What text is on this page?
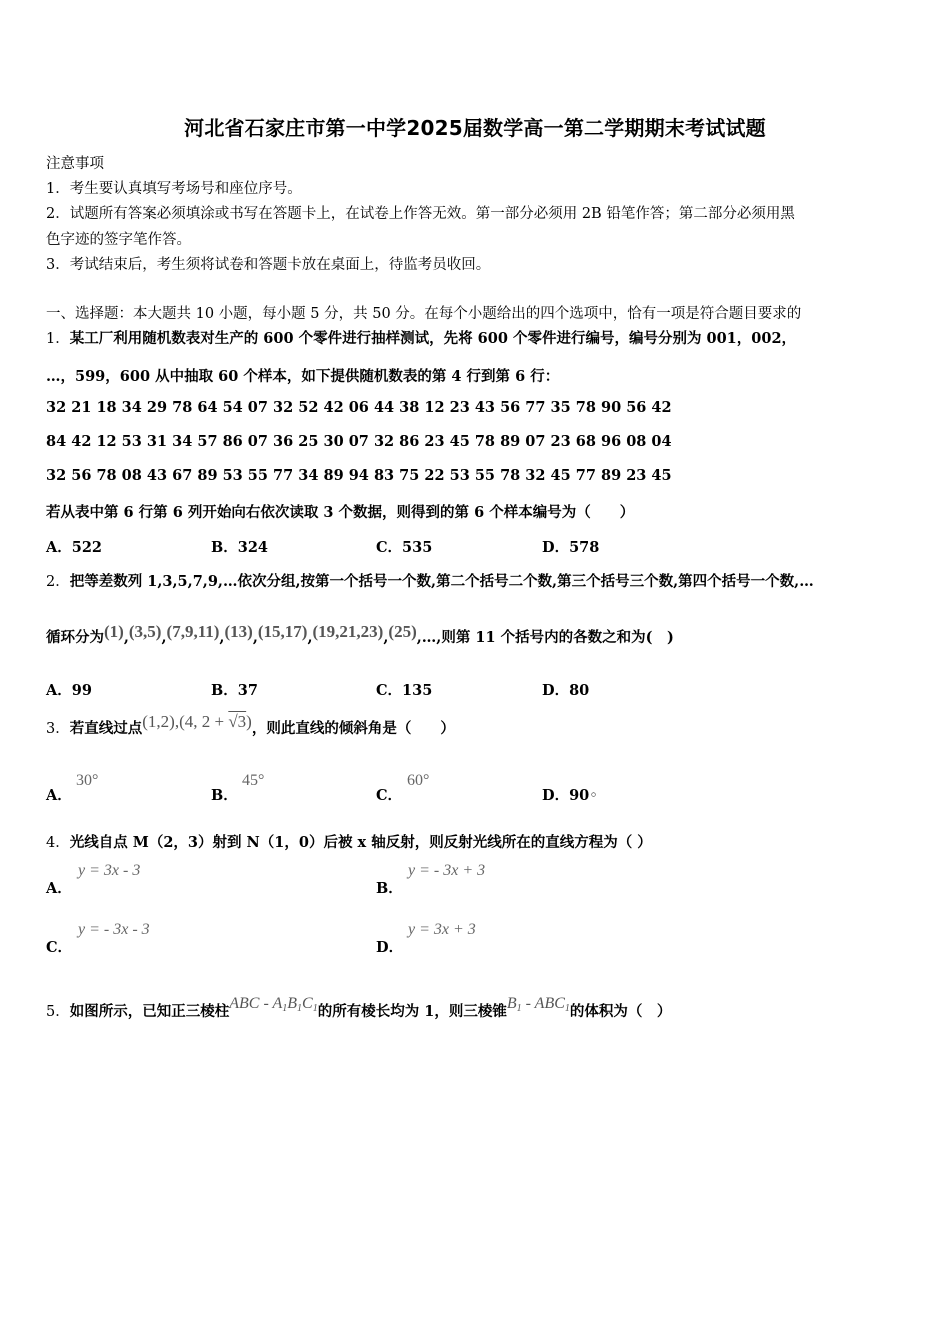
河北省石家庄市第一中学2025届数学高一第二学期期末考试试题
注意事项
1．考生要认真填写考场号和座位序号。
2．试题所有答案必须填涂或书写在答题卡上，在试卷上作答无效。第一部分必须用 2B 铅笔作答；第二部分必须用黑
色字迹的签字笔作答。
3．考试结束后，考生须将试卷和答题卡放在桌面上，待监考员收回。
一、选择题：本大题共 10 小题，每小题 5 分，共 50 分。在每个小题给出的四个选项中，恰有一项是符合题目要求的
1．某工厂利用随机数表对生产的 600 个零件进行抽样测试，先将 600 个零件进行编号，编号分别为 001，002，
…，599，600 从中抽取 60 个样本，如下提供随机数表的第 4 行到第 6 行：
32 21 18 34 29 78 64 54 07 32 52 42 06 44 38 12 23 43 56 77 35 78 90 56 42
84 42 12 53 31 34 57 86 07 36 25 30 07 32 86 23 45 78 89 07 23 68 96 08 04
32 56 78 08 43 67 89 53 55 77 34 89 94 83 75 22 53 55 78 32 45 77 89 23 45
若从表中第 6 行第 6 列开始向右依次读取 3 个数据，则得到的第 6 个样本编号为（　　）
A．522	B．324	C．535	D．578
2．把等差数列 1,3,5,7,9,…依次分组,按第一个括号一个数,第二个括号二个数,第三个括号三个数,第四个括号一个数,…
循环分为(1),(3,5),(7,9,11),(13),(15,17),(19,21,23),(25),…,则第 11 个括号内的各数之和为(　)
A．99	B．37	C．135	D．80
3．若直线过点(1,2),(4, 2 + √3)，则此直线的倾斜角是（　　）
A．
30°
B．
45°
C．
60°
D．90◦
4．光线自点 M（2，3）射到 N（1，0）后被 x 轴反射，则反射光线所在的直线方程为（ ）
A．
y = 3x - 3
B．
y = - 3x + 3
C．
y = - 3x - 3
D．
y = 3x + 3
5．如图所示，已知正三棱柱ABC - $A_1B_1C_1$的所有棱长均为 1，则三棱锥$B_1 - ABC_1$的体积为（　）
